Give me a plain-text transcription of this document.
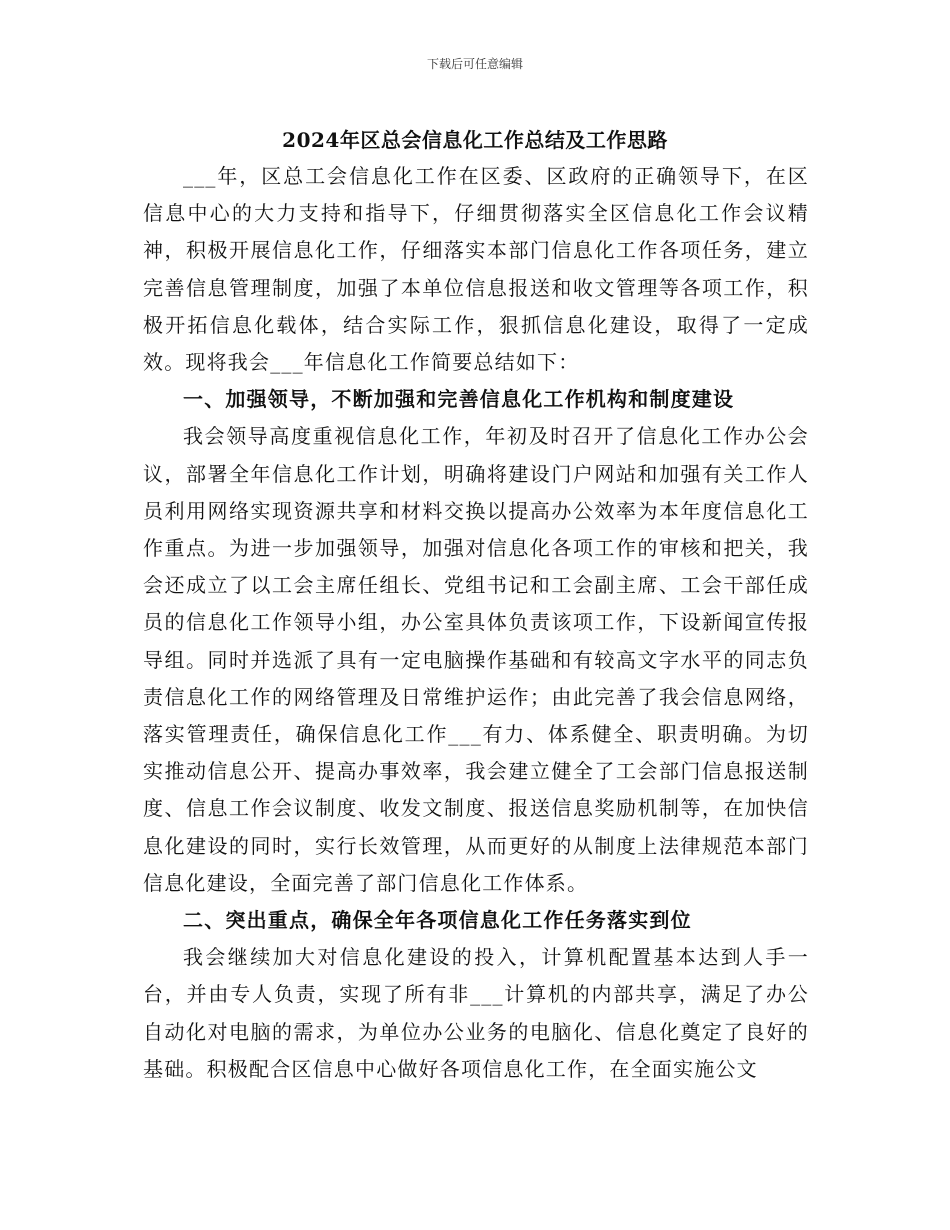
下载后可任意编辑
2024年区总会信息化工作总结及工作思路

___年，区总工会信息化工作在区委、区政府的正确领导下，在区信息中心的大力支持和指导下，仔细贯彻落实全区信息化工作会议精神，积极开展信息化工作，仔细落实本部门信息化工作各项任务，建立完善信息管理制度，加强了本单位信息报送和收文管理等各项工作，积极开拓信息化载体，结合实际工作，狠抓信息化建设，取得了一定成效。现将我会___年信息化工作简要总结如下：

一、加强领导，不断加强和完善信息化工作机构和制度建设

我会领导高度重视信息化工作，年初及时召开了信息化工作办公会议，部署全年信息化工作计划，明确将建设门户网站和加强有关工作人员利用网络实现资源共享和材料交换以提高办公效率为本年度信息化工作重点。为进一步加强领导，加强对信息化各项工作的审核和把关，我会还成立了以工会主席任组长、党组书记和工会副主席、工会干部任成员的信息化工作领导小组，办公室具体负责该项工作，下设新闻宣传报导组。同时并选派了具有一定电脑操作基础和有较高文字水平的同志负责信息化工作的网络管理及日常维护运作；由此完善了我会信息网络，落实管理责任，确保信息化工作___有力、体系健全、职责明确。为切实推动信息公开、提高办事效率，我会建立健全了工会部门信息报送制度、信息工作会议制度、收发文制度、报送信息奖励机制等，在加快信息化建设的同时，实行长效管理，从而更好的从制度上法律规范本部门信息化建设，全面完善了部门信息化工作体系。

二、突出重点，确保全年各项信息化工作任务落实到位

我会继续加大对信息化建设的投入，计算机配置基本达到人手一台，并由专人负责，实现了所有非___计算机的内部共享，满足了办公自动化对电脑的需求，为单位办公业务的电脑化、信息化奠定了良好的基础。积极配合区信息中心做好各项信息化工作，在全面实施公文
